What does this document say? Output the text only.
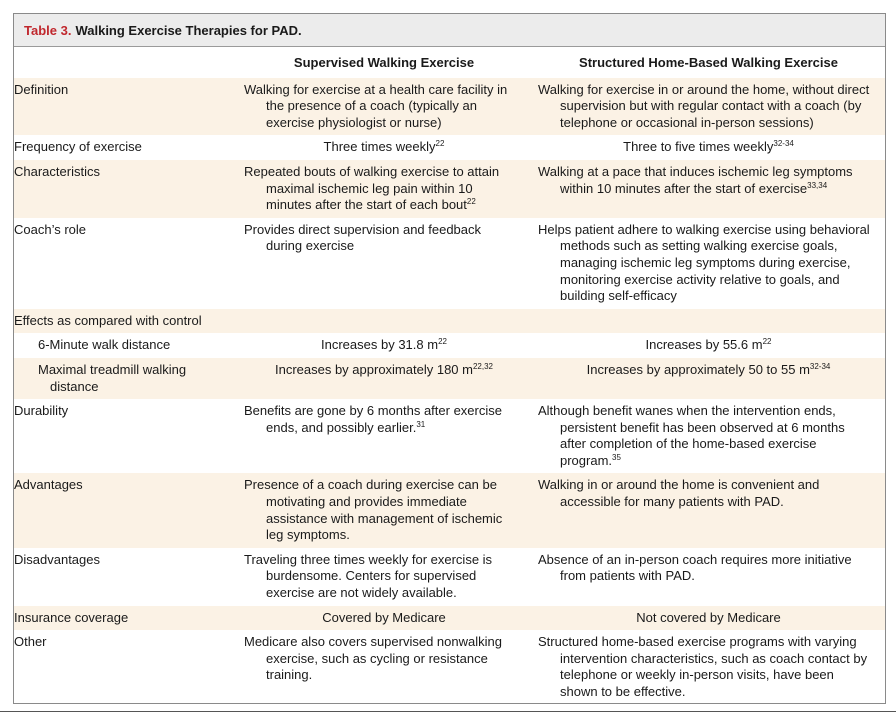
Table 3. Walking Exercise Therapies for PAD.
	Supervised Walking Exercise	Structured Home-Based Walking Exercise
Definition	Walking for exercise at a health care facility in the presence of a coach (typically an exercise physiologist or nurse)	Walking for exercise in or around the home, without direct supervision but with regular contact with a coach (by telephone or occasional in-person sessions)
Frequency of exercise	Three times weekly$^{22}$	Three to five times weekly$^{32-34}$
Characteristics	Repeated bouts of walking exercise to attain maximal ischemic leg pain within 10 minutes after the start of each bout$^{22}$	Walking at a pace that induces ischemic leg symptoms within 10 minutes after the start of exercise$^{33,34}$
Coach’s role	Provides direct supervision and feedback during exercise	Helps patient adhere to walking exercise using behavioral methods such as setting walking exercise goals, managing ischemic leg symptoms during exercise, monitoring exercise activity relative to goals, and building self-efficacy
Effects as compared with control		
6-Minute walk distance	Increases by 31.8 $m^{22}$	Increases by 55.6 $m^{22}$
Maximal treadmill walking distance	Increases by approximately 180 $m^{22,32}$	Increases by approximately 50 to 55 $m^{32-34}$
Durability	Benefits are gone by 6 months after exercise ends, and possibly earlier.$^{31}$	Although benefit wanes when the intervention ends, persistent benefit has been observed at 6 months after completion of the home-based exercise program.$^{35}$
Advantages	Presence of a coach during exercise can be motivating and provides immediate assistance with management of ischemic leg symptoms.	Walking in or around the home is convenient and accessible for many patients with PAD.
Disadvantages	Traveling three times weekly for exercise is burdensome. Centers for supervised exercise are not widely available.	Absence of an in-person coach requires more initiative from patients with PAD.
Insurance coverage	Covered by Medicare	Not covered by Medicare
Other	Medicare also covers supervised nonwalking exercise, such as cycling or resistance training.	Structured home-based exercise programs with varying intervention characteristics, such as coach contact by telephone or weekly in-person visits, have been shown to be effective.
